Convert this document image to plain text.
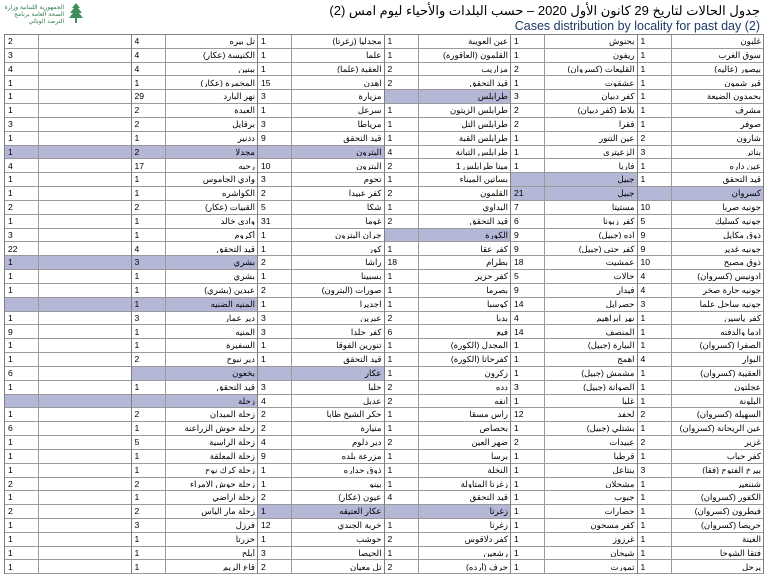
الجمهورية اللبنانية وزارة الصحة العامة برنامج الترصد الوبائي
جدول الحالات لتاريخ 29 كانون الأول 2020 – حسب البلدات والأحياء ليوم امس (2)
Cases distribution by locality for past day (2)
غلبون
1
سوق الغرب
1
بيصور (عاليه)
1
قبر شمون
1
بحمدون الضيعة
1
مشرف
1
صوفر
1
شارون
2
بناتر
3
عين داره
1
قيد التحقق
1
كسروان
جونيه صربا
10
جونيه كسليك
5
ذوق مكايل
9
جونيه غدير
9
ذوق مصبح
10
ادونيس (كسروان)
4
جونيه حارة صخر
4
جونيه ساحل علما
3
كفر ياسين
1
ادما والدفنه
1
الصفرا (كسروان)
1
البوار
4
العقيبة (كسروان)
1
عجلتون
1
البلونة
1
السهيلة (كسروان)
2
عين الريحانة (كسروان)
1
غزير
2
كفر حباب
1
بيرخ الفتوح (فقا)
3
شننعير
1
الكفور (كسروان)
1
فيطرون (كسروان)
1
حريصا (كسروان)
1
الغينة
1
فتقا الشوحا
1
يرحل
1
بحنوش
1
ريفون
1
القليعات (كسروان)
2
عشقوت
1
كفر دبيان
3
بلاط (كفر دبيان)
2
فقرا
2
عين التنور
1
الزعيتري
1
فاريا
1
جبيل
جبيل
21
مستيتا
7
كفر زبونا
6
اده (جبيل)
9
كفر حتي (جبيل)
9
عمشيت
18
حالات
5
فيدار
9
حصرايل
14
نهر ابراهيم
4
المنصف
14
البيارة (جبيل)
1
اهمج
1
مشمش (جبيل)
1
الصوانة (جبيل)
3
غلبا
1
لحفد
12
بشتلي (جبيل)
1
عبيدات
2
قرطبا
1
بنتاعل
1
مشحلان
1
جبوب
1
حصارات
1
كفر مسحون
1
غرزوز
1
شيحان
1
تمورت
1
عين العويبة
1
القلمون (العاقورة)
1
مزاريب
2
قيد التحقق
2
طرابلس
طرابلس الزيتون
1
طرابلس التل
1
طرابلس القبة
1
طرابلس التبانة
4
مينا طرابلس 1
2
بساتين الميناء
1
القلمون
2
البداوي
1
قيد التحقق
2
الكورة
كفر عقا
1
بطرام
18
كفر حزير
1
بصرما
1
كوسبا
1
بدبا
2
فيع
6
المجدل (الكورة)
1
كفرحاتا (الكورة)
1
زكرون
1
دده
2
أنفه
2
راس مسقا
1
بحصاص
1
ضهر العين
2
برسا
1
النخلة
1
زغرتا المتاولة
1
قيد التحقق
4
زغرتا
زغرتا
1
كفر دلاقوس
2
رشعين
1
حرف (أرده)
2
مجدليا (زغرتا)
1
علما
1
العقبة (علما)
1
اهدن
15
مزيارة
3
سرعل
1
مرياطا
3
قيد التحقق
9
البترون
البترون
10
تحوم
3
كفر عبيدا
2
شكا
5
غوما
31
جران البترون
1
كور
1
راشا
2
بسبينا
1
صورات (البترون)
2
اجديرا
1
عبرين
3
كفر حلدا
3
تنورين الفوقا
1
قيد التحقق
1
عكار
حلبا
3
عدبل
4
حكر الشيخ طابا
2
منيارة
2
دير دلوم
4
مزرعة بلده
9
ذوق حداره
1
بينو
1
عيون (عكار)
2
عكار العتيقه
1
خربة الجندي
12
حوشب
1
الحيصا
3
تل معيان
2
تل بيره
4
الكنيسة (عكار)
4
ببنين
4
المحمرة (عكار)
1
نهر البارد
29
العبدة
2
برقايل
2
ددنير
1
مجدلا
2
رحبه
17
وادي الجاموس
1
الكواشره
1
القبيات (عكار)
2
وادي خالد
1
أكروم
1
قيد التحقق
4
بشري
3
بشري
1
عبدين (بشري)
1
المنيه الضنيه
1
دير عمار
3
المنيه
1
السفيرة
1
دير نبوح
2
بخعون
قيد التحقق
1
زحلة
زحلة الميدان
2
زحلة حوش الزراعنة
1
زحلة الراسية
5
زحلة المعلقة
1
زحلة كرك نوح
1
زحلة حوش الامراء
2
زحلة اراضي
1
زحلة مار الياس
2
فرزل
3
حزرتا
1
أبلح
1
قاع الريم
1
2
3
4
1
1
1
3
1
1
4
1
1
2
1
3
22
1
1
1
1
9
1
1
6
1
1
6
1
1
1
2
1
2
1
1
1
1
